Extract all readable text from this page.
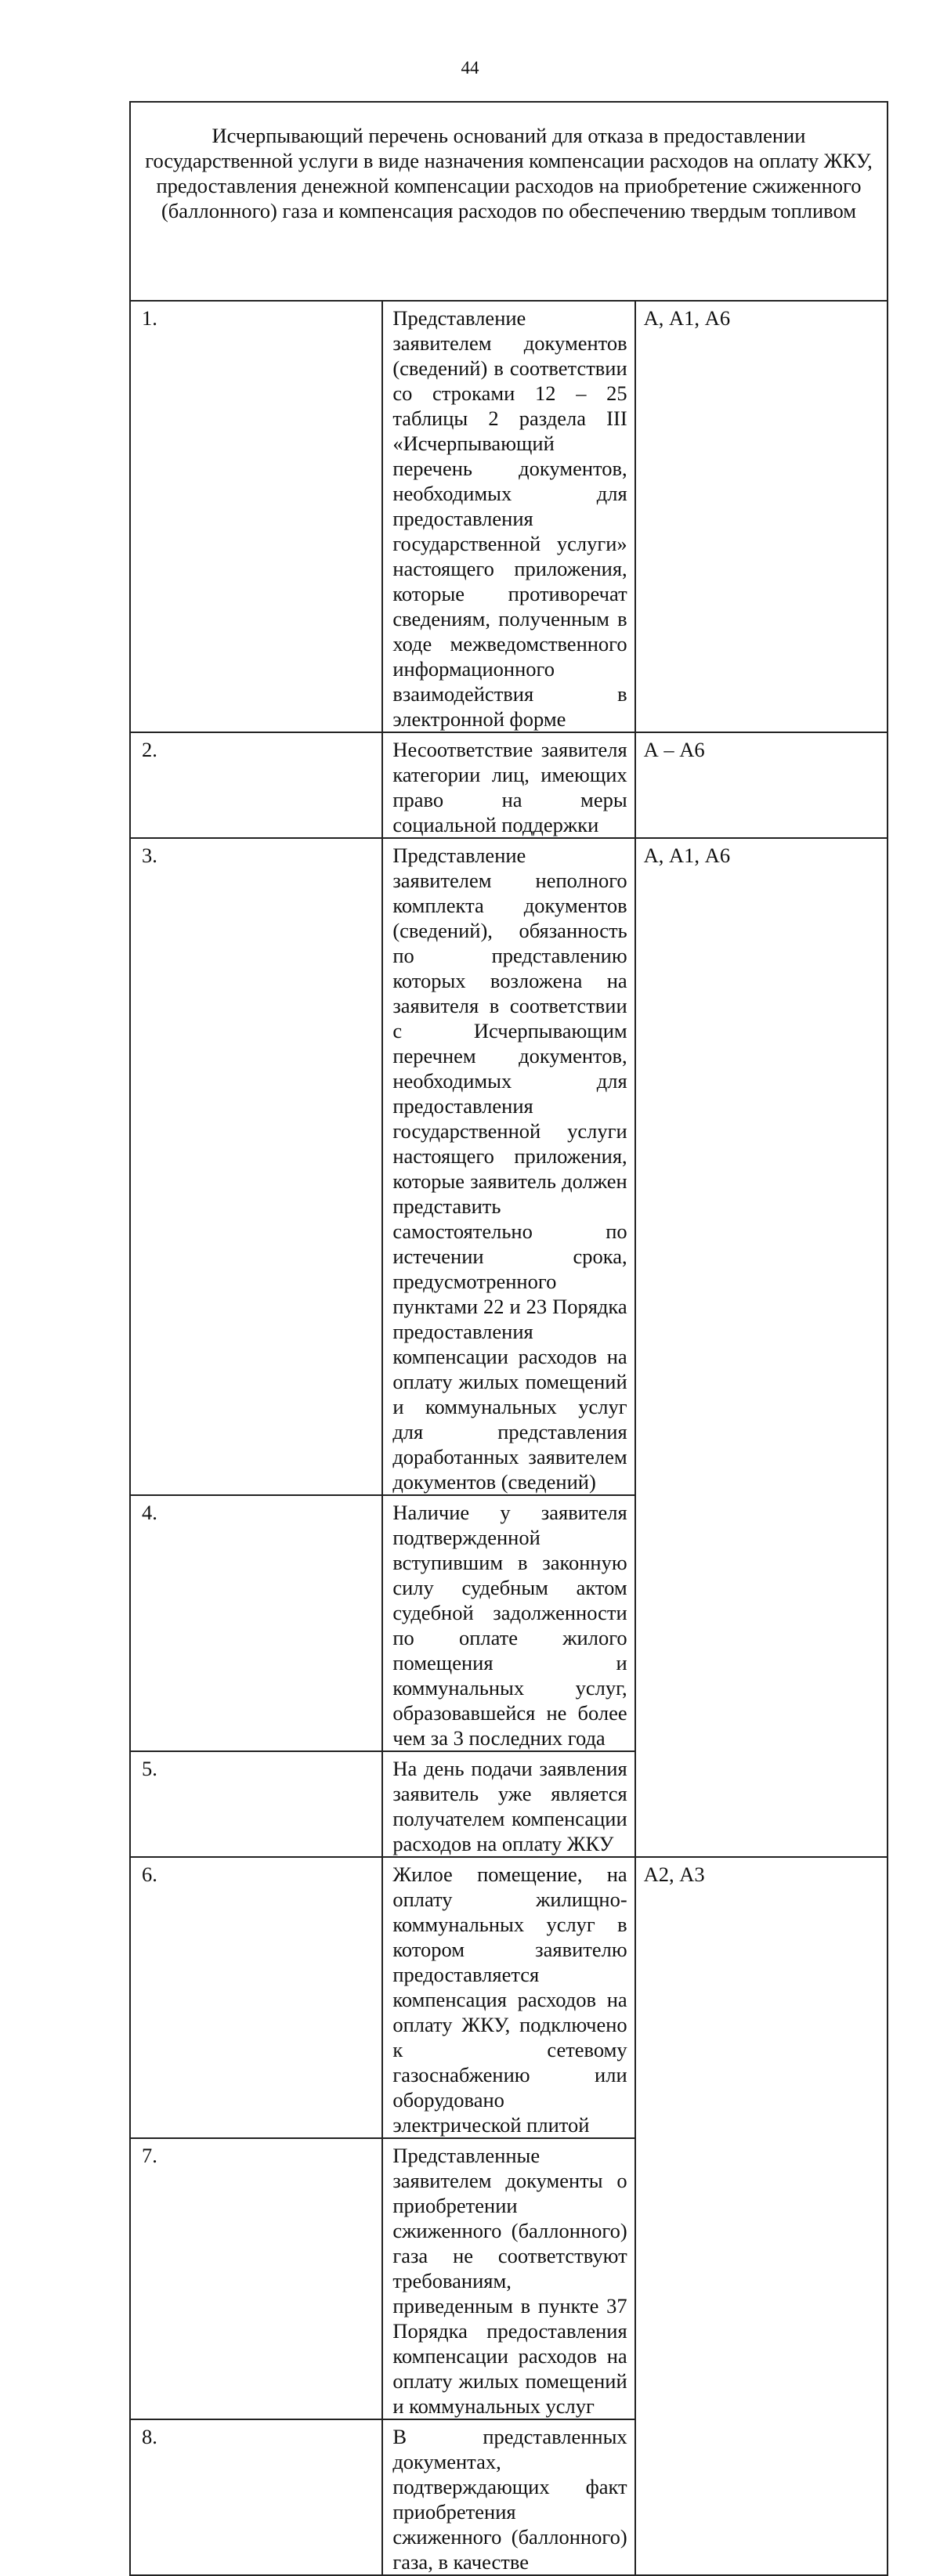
44
Исчерпывающий перечень оснований для отказа в предоставлении государственной услуги в виде назначения компенсации расходов на оплату ЖКУ, предоставления денежной компенсации расходов на приобретение сжиженного (баллонного) газа и компенсация расходов по обеспечению твердым топливом		
1.	Представление заявителем документов (сведений) в соответствии со строками 12 – 25 таблицы 2 раздела III «Исчерпывающий перечень документов, необходимых для предоставления государственной услуги» настоящего приложения, которые противоречат сведениям, полученным в ходе межведомственного информационного взаимодействия в электронной форме	А, А1, А6
2.	Несоответствие заявителя категории лиц, имеющих право на меры социальной поддержки	А – А6
3.	Представление заявителем неполного комплекта документов (сведений), обязанность по представлению которых возложена на заявителя в соответствии с Исчерпывающим перечнем документов, необходимых для предоставления государственной услуги настоящего приложения, которые заявитель должен представить самостоятельно по истечении срока, предусмотренного пунктами 22 и 23 Порядка предоставления компенсации расходов на оплату жилых помещений и коммунальных услуг для представления доработанных заявителем документов (сведений)	А, А1, А6
4.	Наличие у заявителя подтвержденной вступившим в законную силу судебным актом судебной задолженности по оплате жилого помещения и коммунальных услуг, образовавшейся не более чем за 3 последних года	
5.	На день подачи заявления заявитель уже является получателем компенсации расходов на оплату ЖКУ	
6.	Жилое помещение, на оплату жилищно-коммунальных услуг в котором заявителю предоставляется компенсация расходов на оплату ЖКУ, подключено к сетевому газоснабжению или оборудовано электрической плитой	А2, А3
7.	Представленные заявителем документы о приобретении сжиженного (баллонного) газа не соответствуют требованиям, приведенным в пункте 37 Порядка предоставления компенсации расходов на оплату жилых помещений и коммунальных услуг	
8.	В представленных документах, подтверждающих факт приобретения сжиженного (баллонного) газа, в качестве	
